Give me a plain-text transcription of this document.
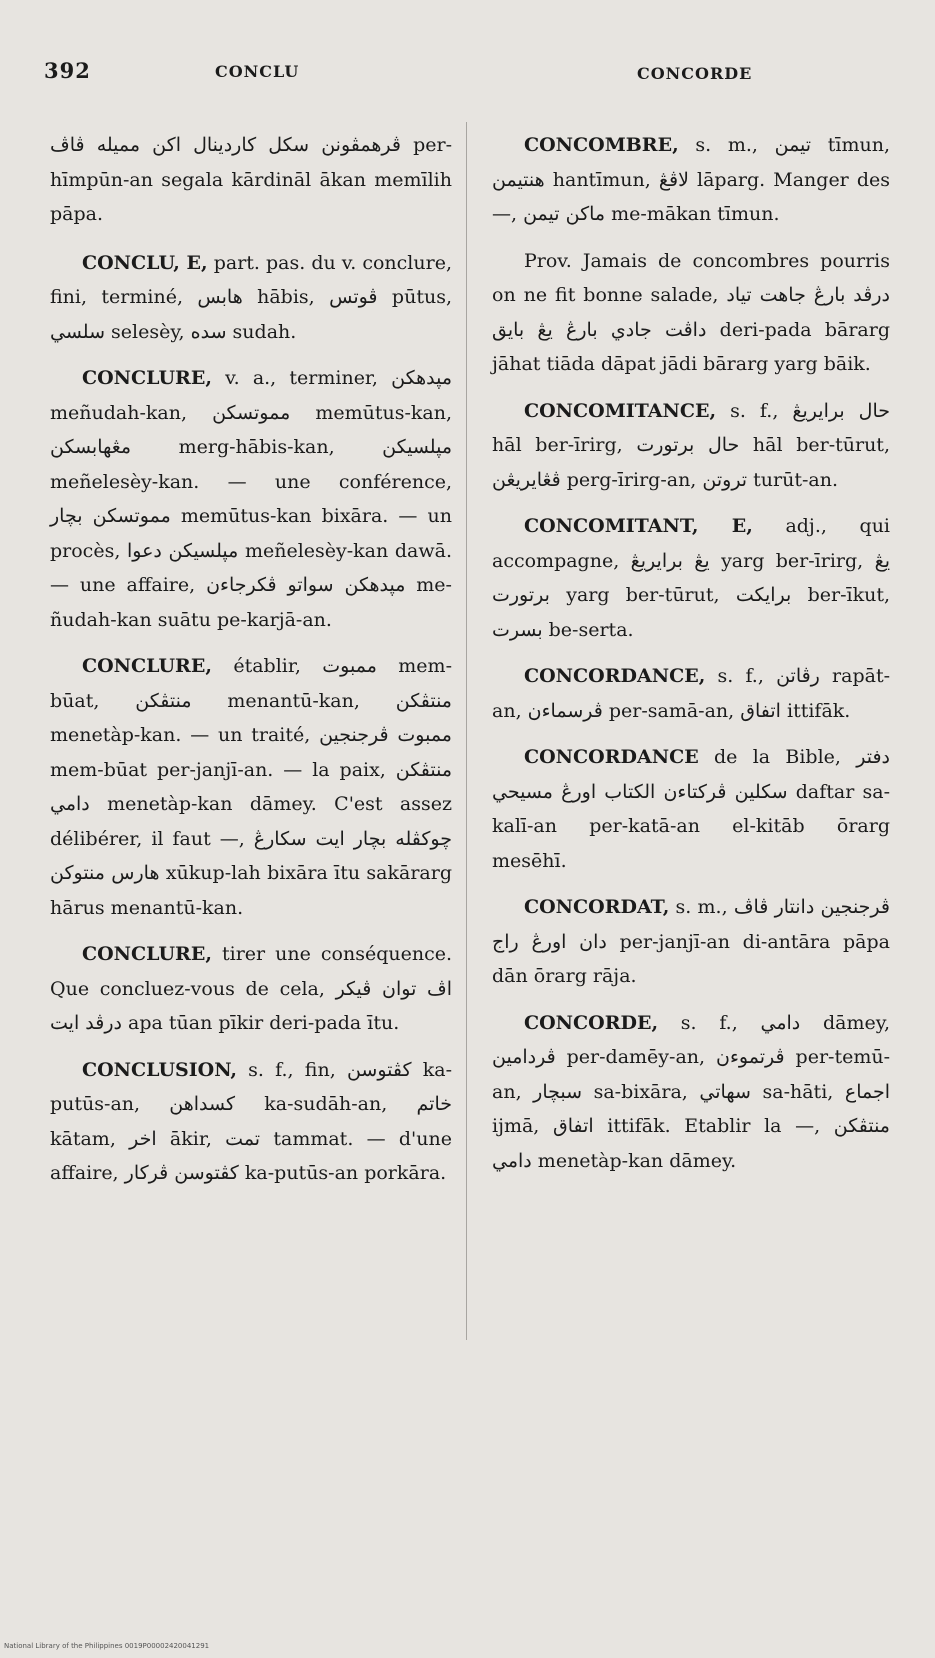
392	CONCLU	CONCORDE

ڤرهمڤونن سكل كاردينال اكن مميله ڤاڤ per-hīmpūn-an segala kārdināl ākan memīlih pāpa.

CONCLU, E, part. pas. du v. conclure, fini, terminé, هابس hābis, ڤوتس pūtus, سلسي selesèy, سده sudah.

CONCLURE, v. a., terminer, مڽدهكن meñudah-kan, مموتسكن memūtus-kan, مڠهابسكن merg-hābis-kan, مڽلسيكن meñelesèy-kan. — une conférence, مموتسكن بچار memūtus-kan bixāra. — un procès, مڽلسيكن دعوا meñelesèy-kan dawā. — une affaire, مڽدهكن سواتو ڤكرجاءن me-ñudah-kan suātu pe-karjā-an.

CONCLURE, établir, ممبوت mem-būat, منتڤكن menantū-kan, منتڤكن menetàp-kan. — un traité, ممبوت ڤرجنجين mem-būat per-janjī-an. — la paix, منتڤكن دامي menetàp-kan dāmey. C'est assez délibérer, il faut —, چوكڤله بچار ايت سكارڠ هارس منتوكن xūkup-lah bixāra ītu sakārarg hārus menantū-kan.

CONCLURE, tirer une conséquence. Que concluez-vous de cela, اڤ توان ڤيكر درڤد ايت apa tūan pīkir deri-pada ītu.

CONCLUSION, s. f., fin, كڤتوسن ka-putūs-an, كسداهن ka-sudāh-an, خاتم kātam, اخر ākir, تمت tammat. — d'une affaire, كڤتوسن ڤركار ka-putūs-an porkāra.

CONCOMBRE, s. m., تيمن tīmun, هنتيمن hantīmun, لاڤڠ lāparg. Manger des —, ماكن تيمن me-mākan tīmun.

Prov. Jamais de concombres pourris on ne fit bonne salade, درڤد بارڠ جاهت تياد داڤت جادي بارڠ يڠ بايق deri-pada bārarg jāhat tiāda dāpat jādi bārarg yarg bāik.

CONCOMITANCE, s. f., حال برايريڠ hāl ber-īrirg, حال برتورت hāl ber-tūrut, ڤڠايريڠن perg-īrirg-an, تروتن turūt-an.

CONCOMITANT, E, adj., qui accompagne, يڠ برايريڠ yarg ber-īrirg, يڠ برتورت yarg ber-tūrut, برايكت ber-īkut, بسرت be-serta.

CONCORDANCE, s. f., رڤاتن rapāt-an, ڤرسماءن per-samā-an, اتفاق ittifāk.

CONCORDANCE de la Bible, دفتر سكلين ڤركتاءن الكتاب اورڠ مسيحي daftar sa-kalī-an per-katā-an el-kitāb ōrarg mesēhī.

CONCORDAT, s. m., ڤرجنجين دانتار ڤاڤ دان اورڠ راج per-janjī-an di-antāra pāpa dān ōrarg rāja.

CONCORDE, s. f., دامي dāmey, ڤردامين per-damēy-an, ڤرتموءن per-temū-an, سبچار sa-bixāra, سهاتي sa-hāti, اجماع ijmā, اتفاق ittifāk. Etablir la —, منتڤكن دامي menetàp-kan dāmey.

National Library of the Philippines 0019P00002420041291
